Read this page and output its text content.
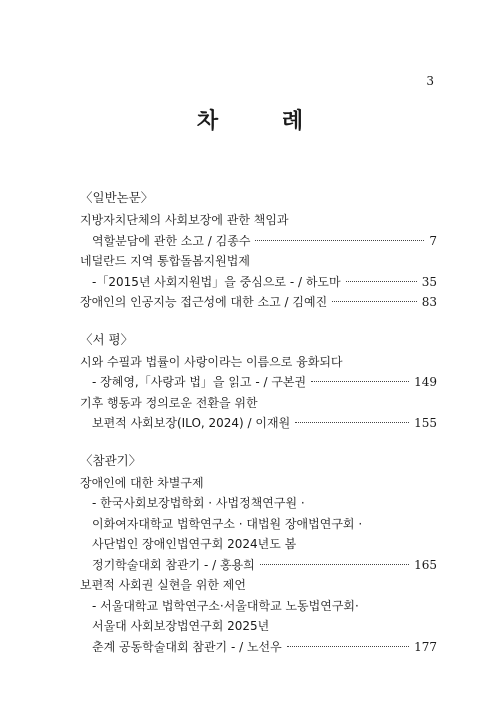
3
차 례
〈일반논문〉
지방자치단체의 사회보장에 관한 책임과
역할분담에 관한 소고 / 김종수	7
네덜란드 지역 통합돌봄지원법제
-「2015년 사회지원법」을 중심으로 - / 하도마	35
장애인의 인공지능 접근성에 대한 소고 / 김예진	83
〈서 평〉
시와 수필과 법률이 사랑이라는 이름으로 융화되다
- 장혜영,「사랑과 법」을 읽고 - / 구본권	149
기후 행동과 정의로운 전환을 위한
보편적 사회보장(ILO, 2024) / 이재원	155
〈참관기〉
장애인에 대한 차별구제
- 한국사회보장법학회 · 사법정책연구원 ·
이화여자대학교 법학연구소 · 대법원 장애법연구회 ·
사단법인 장애인법연구회 2024년도 봄
정기학술대회 참관기 - / 홍용희	165
보편적 사회권 실현을 위한 제언
- 서울대학교 법학연구소·서울대학교 노동법연구회·
서울대 사회보장법연구회 2025년
춘계 공동학술대회 참관기 - / 노선우	177
